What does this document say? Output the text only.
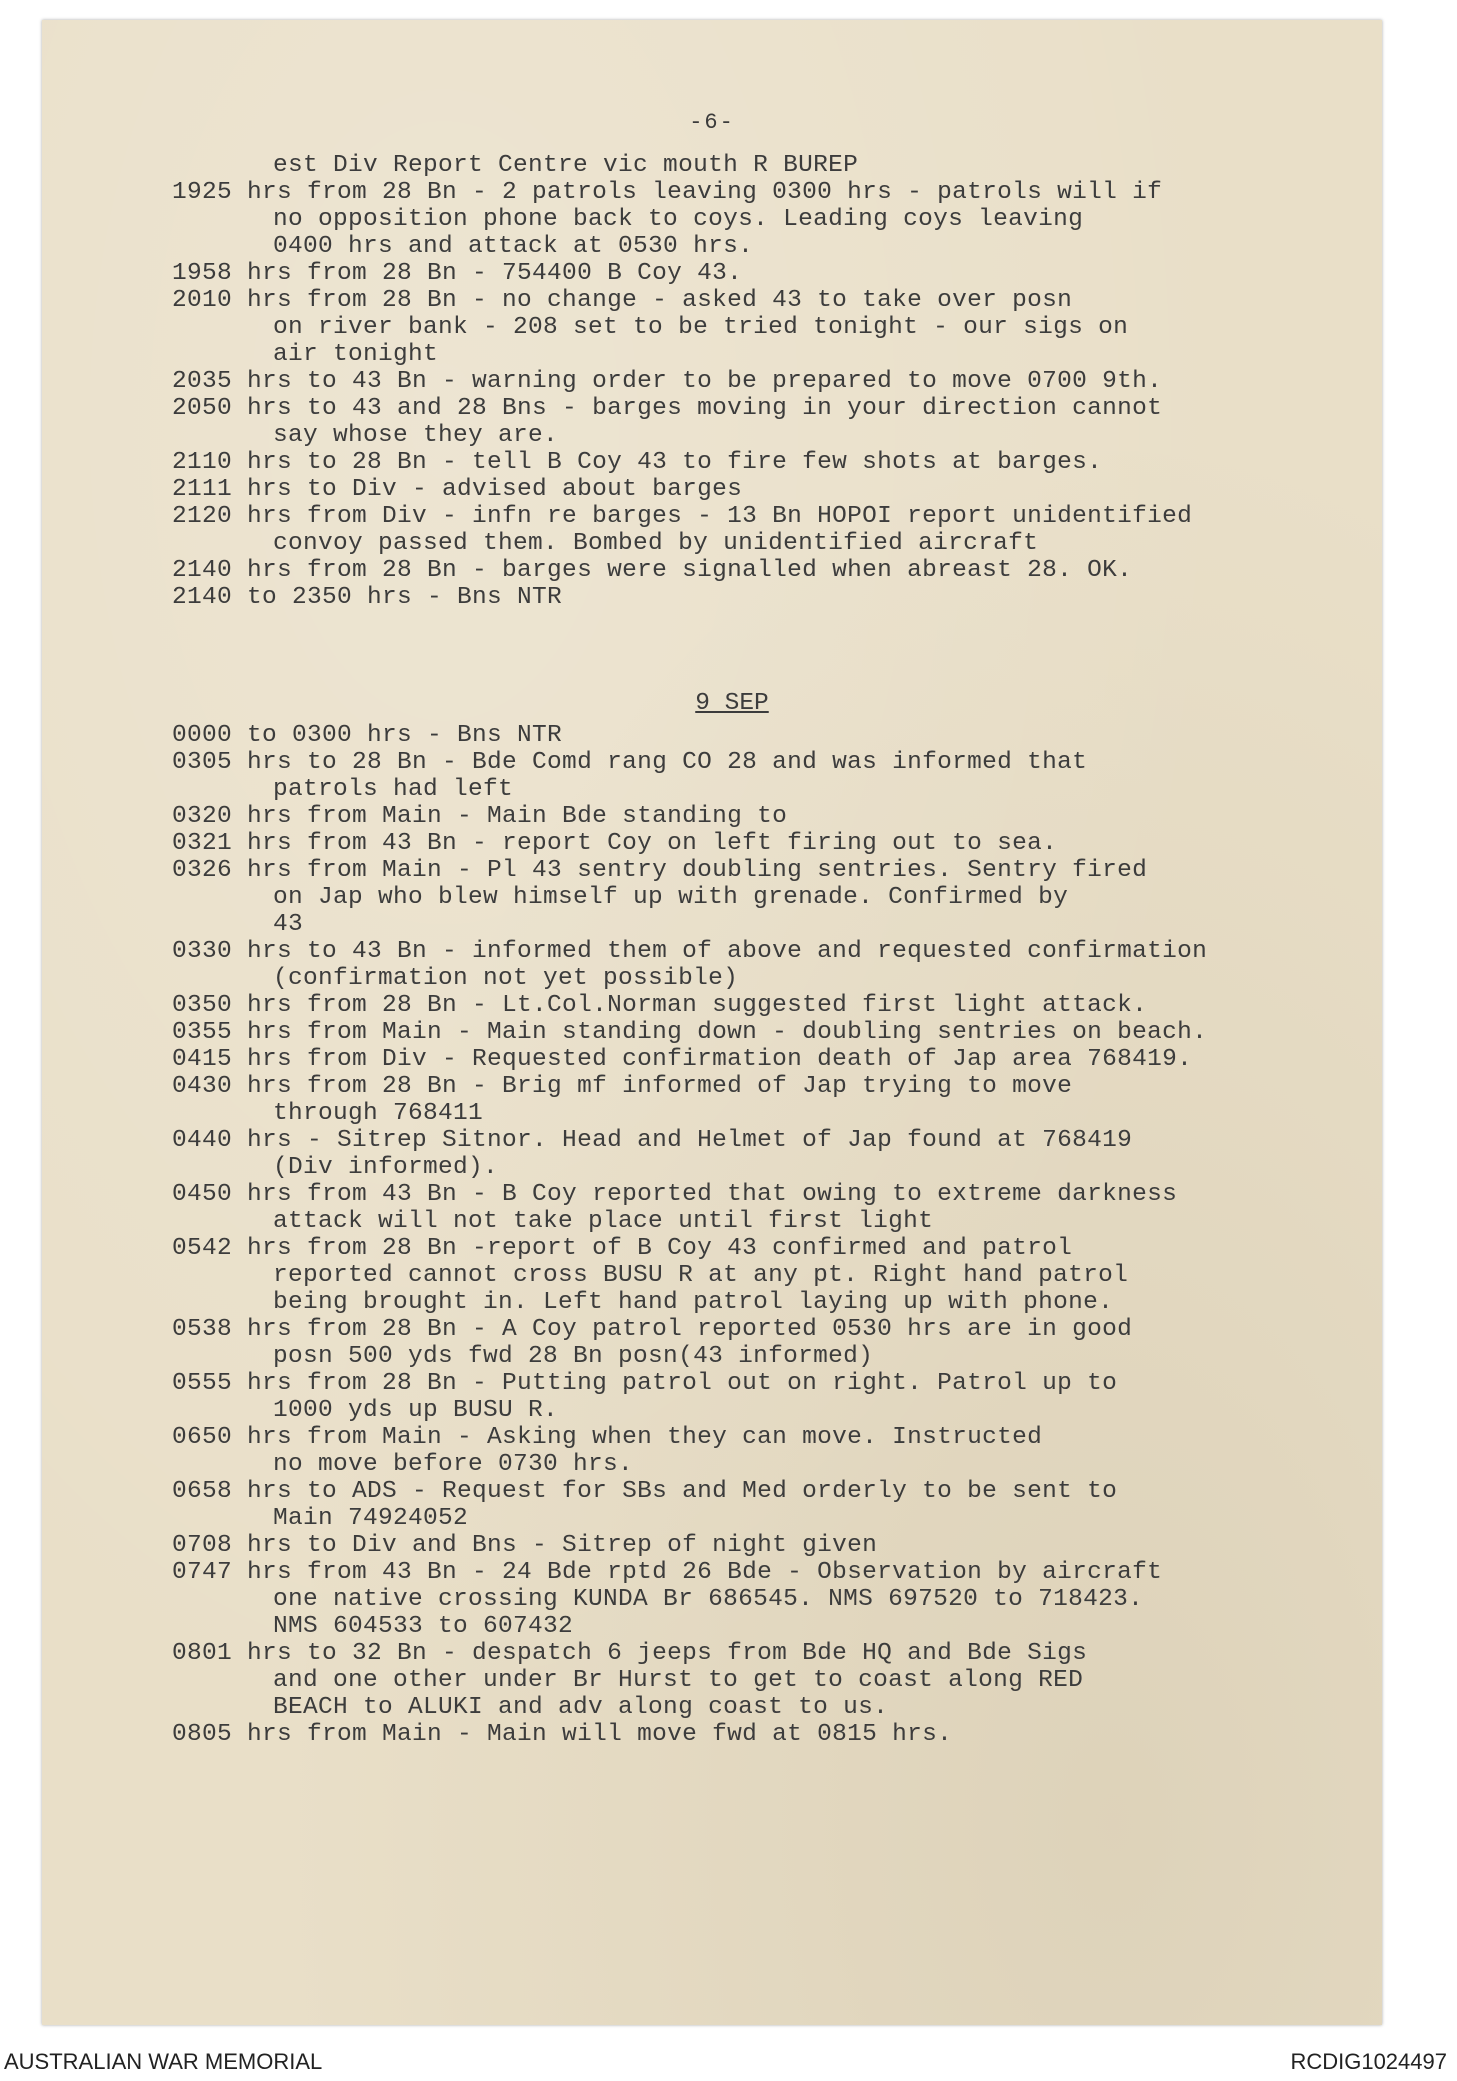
-6-
est Div Report Centre vic mouth R BUREP
1925 hrs from 28 Bn - 2 patrols leaving 0300 hrs - patrols will if
no opposition phone back to coys. Leading coys leaving
0400 hrs and attack at 0530 hrs.
1958 hrs from 28 Bn - 754400 B Coy 43.
2010 hrs from 28 Bn - no change - asked 43 to take over posn
on river bank - 208 set to be tried tonight - our sigs on
air tonight
2035 hrs to 43 Bn - warning order to be prepared to move 0700 9th.
2050 hrs to 43 and 28 Bns - barges moving in your direction cannot
say whose they are.
2110 hrs to 28 Bn - tell B Coy 43 to fire few shots at barges.
2111 hrs to Div - advised about barges
2120 hrs from Div - infn re barges - 13 Bn HOPOI report unidentified
convoy passed them. Bombed by unidentified aircraft
2140 hrs from 28 Bn - barges were signalled when abreast 28. OK.
2140 to 2350 hrs - Bns NTR
9 SEP
0000 to 0300 hrs - Bns NTR
0305 hrs to 28 Bn - Bde Comd rang CO 28 and was informed that
patrols had left
0320 hrs from Main - Main Bde standing to
0321 hrs from 43 Bn - report Coy on left firing out to sea.
0326 hrs from Main - Pl 43 sentry doubling sentries. Sentry fired
on Jap who blew himself up with grenade. Confirmed by
43
0330 hrs to 43 Bn - informed them of above and requested confirmation
(confirmation not yet possible)
0350 hrs from 28 Bn - Lt.Col.Norman suggested first light attack.
0355 hrs from Main - Main standing down - doubling sentries on beach.
0415 hrs from Div - Requested confirmation death of Jap area 768419.
0430 hrs from 28 Bn - Brig mf informed of Jap trying to move
through 768411
0440 hrs - Sitrep Sitnor. Head and Helmet of Jap found at 768419
(Div informed).
0450 hrs from 43 Bn - B Coy reported that owing to extreme darkness
attack will not take place until first light
0542 hrs from 28 Bn -report of B Coy 43 confirmed and patrol
reported cannot cross BUSU R at any pt. Right hand patrol
being brought in. Left hand patrol laying up with phone.
0538 hrs from 28 Bn - A Coy patrol reported 0530 hrs are in good
posn 500 yds fwd 28 Bn posn(43 informed)
0555 hrs from 28 Bn - Putting patrol out on right. Patrol up to
1000 yds up BUSU R.
0650 hrs from Main - Asking when they can move. Instructed
no move before 0730 hrs.
0658 hrs to ADS - Request for SBs and Med orderly to be sent to
Main 74924052
0708 hrs to Div and Bns - Sitrep of night given
0747 hrs from 43 Bn - 24 Bde rptd 26 Bde - Observation by aircraft
one native crossing KUNDA Br 686545. NMS 697520 to 718423.
NMS 604533 to 607432
0801 hrs to 32 Bn - despatch 6 jeeps from Bde HQ and Bde Sigs
and one other under Br Hurst to get to coast along RED
BEACH to ALUKI and adv along coast to us.
0805 hrs from Main - Main will move fwd at 0815 hrs.
AUSTRALIAN WAR MEMORIAL	RCDIG1024497
